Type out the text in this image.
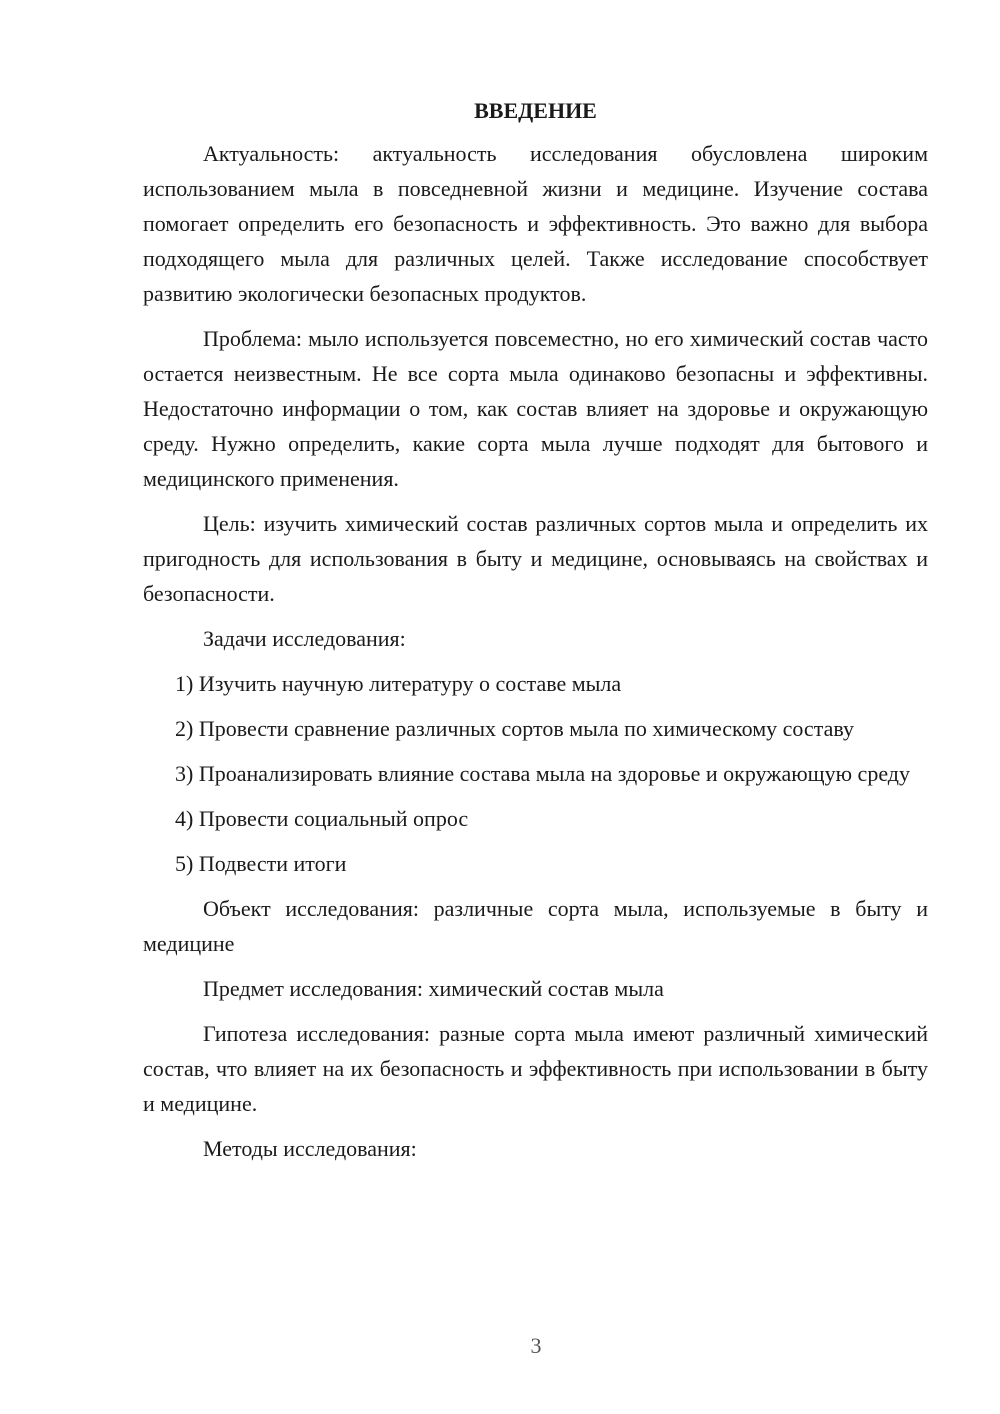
ВВЕДЕНИЕ
Актуальность: актуальность исследования обусловлена широким использованием мыла в повседневной жизни и медицине. Изучение состава помогает определить его безопасность и эффективность. Это важно для выбора подходящего мыла для различных целей. Также исследование способствует развитию экологически безопасных продуктов.
Проблема: мыло используется повсеместно, но его химический состав часто остается неизвестным. Не все сорта мыла одинаково безопасны и эффективны. Недостаточно информации о том, как состав влияет на здоровье и окружающую среду. Нужно определить, какие сорта мыла лучше подходят для бытового и медицинского применения.
Цель: изучить химический состав различных сортов мыла и определить их пригодность для использования в быту и медицине, основываясь на свойствах и безопасности.
Задачи исследования:
1) Изучить научную литературу о составе мыла
2) Провести сравнение различных сортов мыла по химическому составу
3) Проанализировать влияние состава мыла на здоровье и окружающую среду
4) Провести социальный опрос
5) Подвести итоги
Объект исследования: различные сорта мыла, используемые в быту и медицине
Предмет исследования: химический состав мыла
Гипотеза исследования: разные сорта мыла имеют различный химический состав, что влияет на их безопасность и эффективность при использовании в быту и медицине.
Методы исследования:
3
